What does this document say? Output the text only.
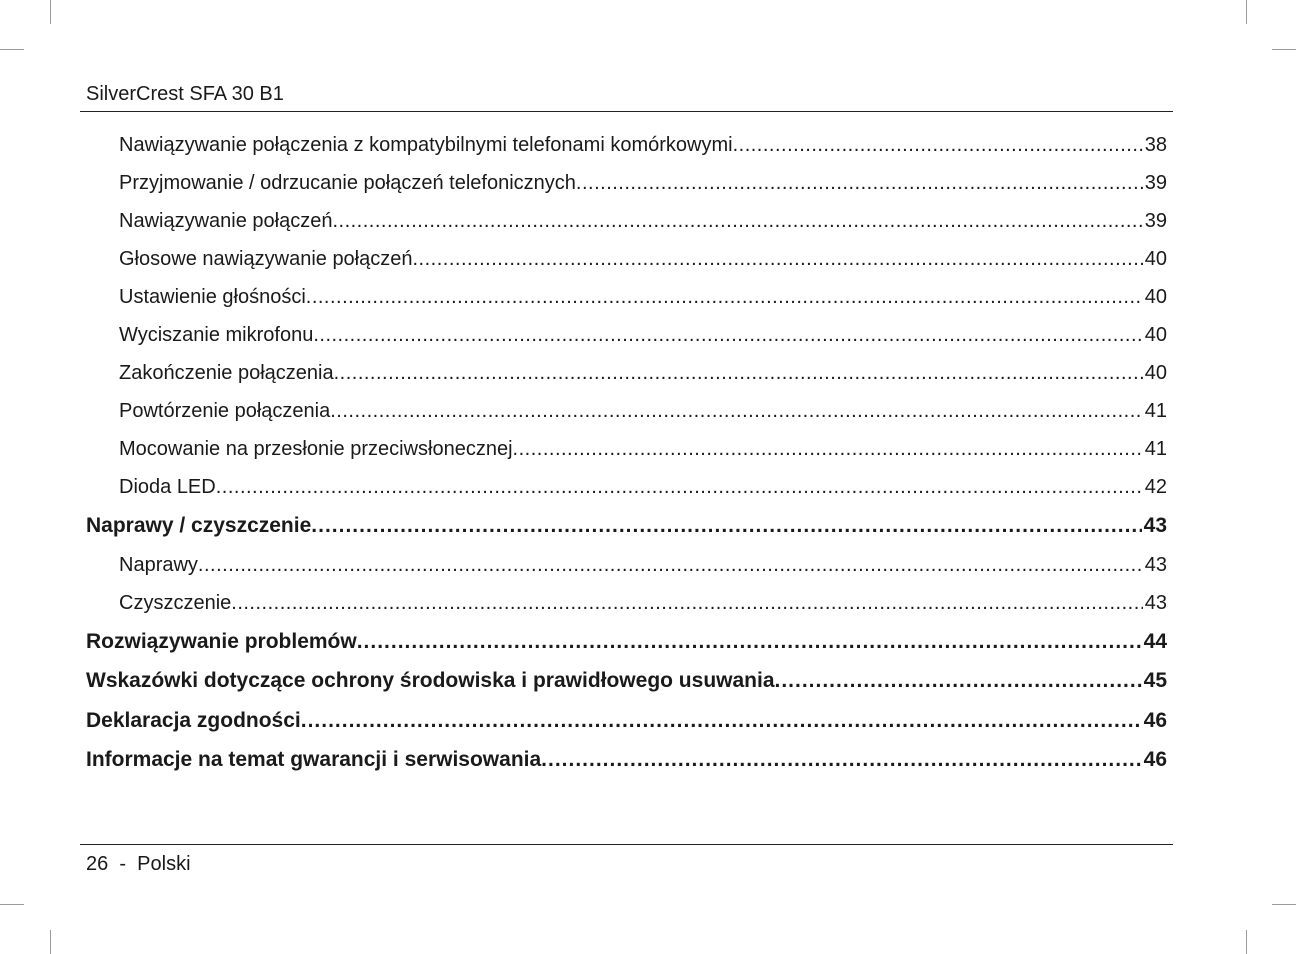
SilverCrest SFA 30 B1
Nawiązywanie połączenia z kompatybilnymi telefonami komórkowymi .....	38
Przyjmowanie / odrzucanie połączeń telefonicznych .....	39
Nawiązywanie połączeń .....	39
Głosowe nawiązywanie połączeń .....	40
Ustawienie głośności .....	40
Wyciszanie mikrofonu .....	40
Zakończenie połączenia .....	40
Powtórzenie połączenia .....	41
Mocowanie na przesłonie przeciwsłonecznej .....	41
Dioda LED .....	42
Naprawy / czyszczenie .....	43
Naprawy .....	43
Czyszczenie .....	43
Rozwiązywanie problemów .....	44
Wskazówki dotyczące ochrony środowiska i prawidłowego usuwania .....	45
Deklaracja zgodności .....	46
Informacje na temat gwarancji i serwisowania .....	46
26 - Polski
